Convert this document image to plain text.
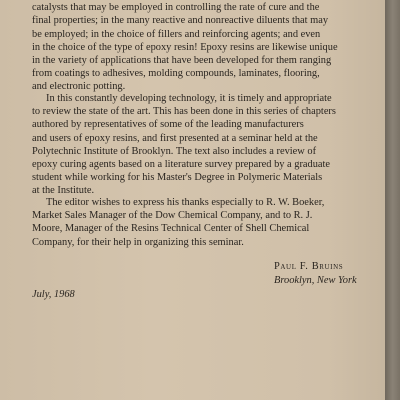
catalysts that may be employed in controlling the rate of cure and the
final properties; in the many reactive and nonreactive diluents that may
be employed; in the choice of fillers and reinforcing agents; and even
in the choice of the type of epoxy resin! Epoxy resins are likewise unique
in the variety of applications that have been developed for them ranging
from coatings to adhesives, molding compounds, laminates, flooring,
and electronic potting.
In this constantly developing technology, it is timely and appropriate
to review the state of the art. This has been done in this series of chapters
authored by representatives of some of the leading manufacturers
and users of epoxy resins, and first presented at a seminar held at the
Polytechnic Institute of Brooklyn. The text also includes a review of
epoxy curing agents based on a literature survey prepared by a graduate
student while working for his Master's Degree in Polymeric Materials
at the Institute.
The editor wishes to express his thanks especially to R. W. Boeker,
Market Sales Manager of the Dow Chemical Company, and to R. J.
Moore, Manager of the Resins Technical Center of Shell Chemical
Company, for their help in organizing this seminar.
Paul F. Bruins
Brooklyn, New York
July, 1968
